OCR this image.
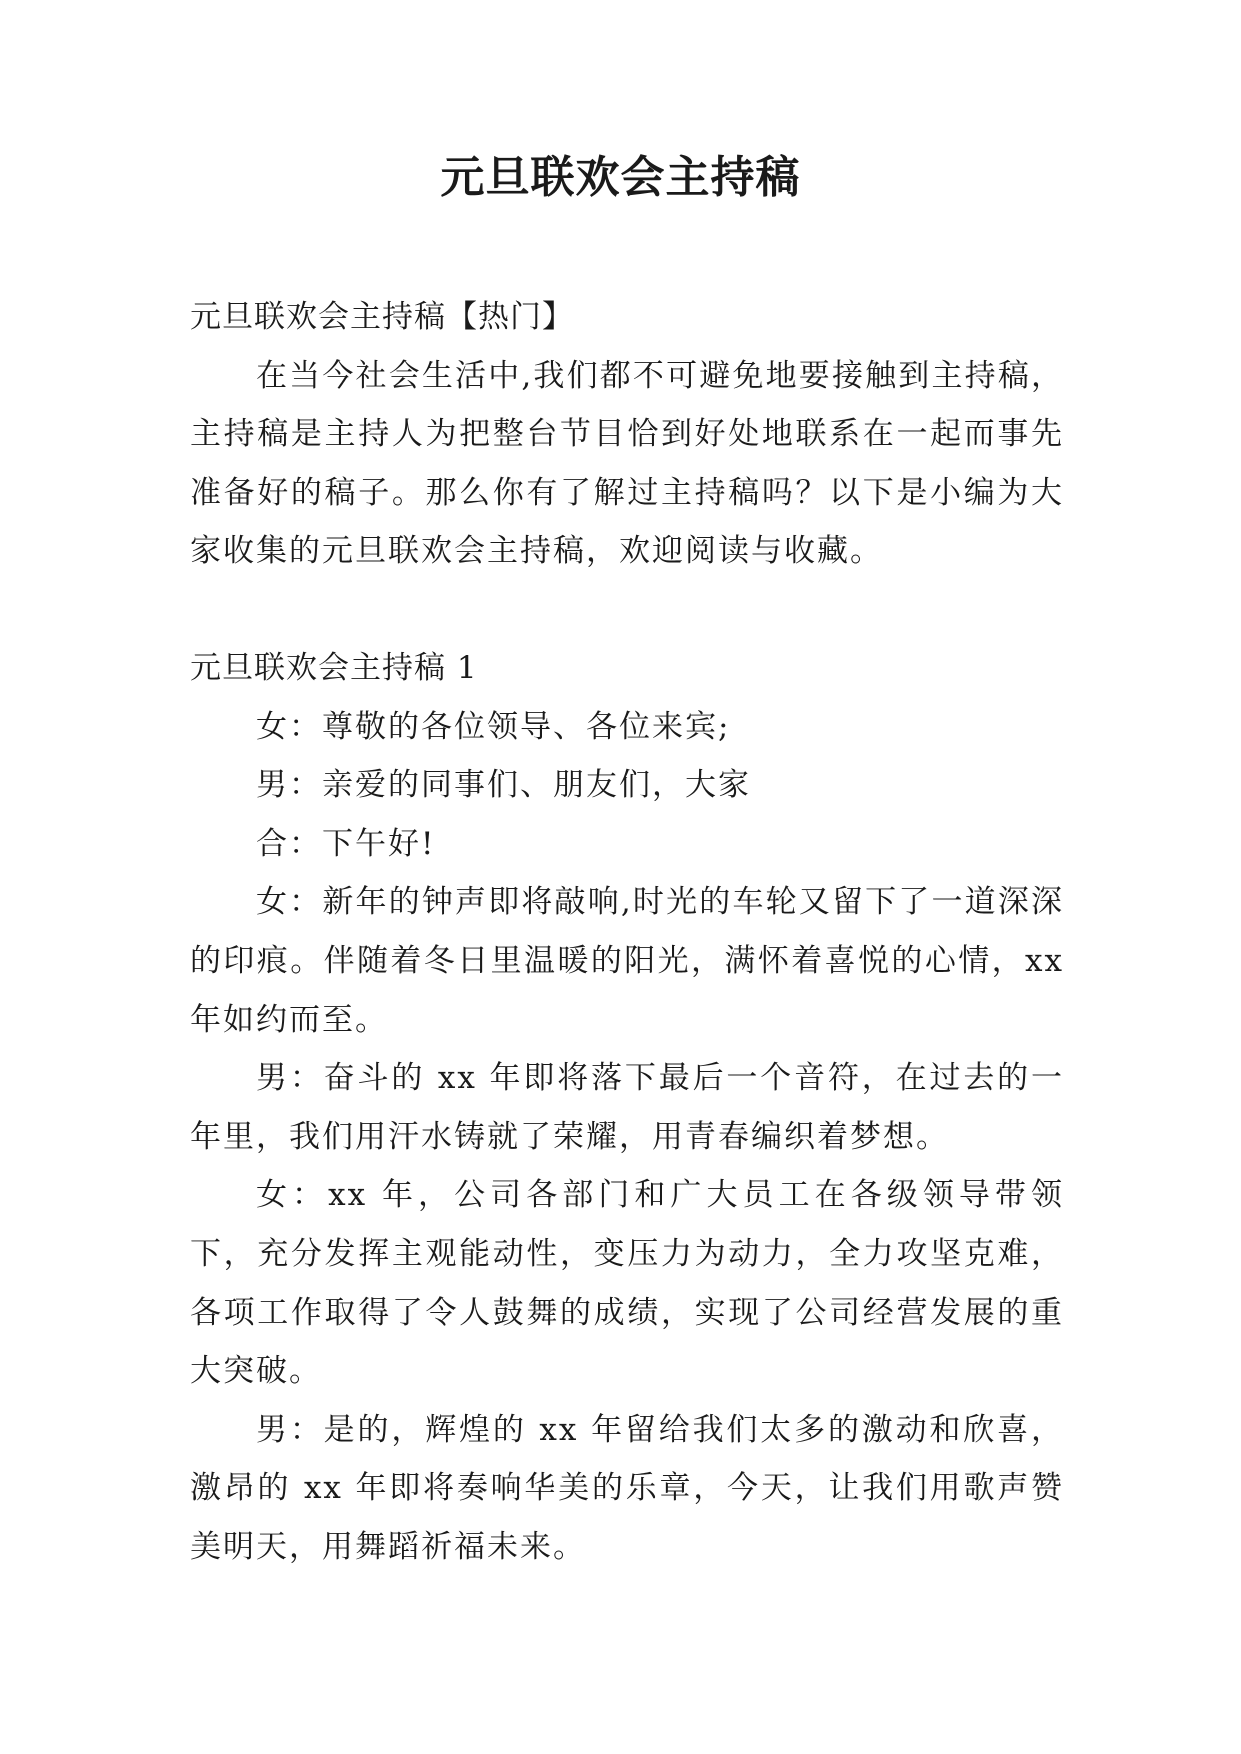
元旦联欢会主持稿

元旦联欢会主持稿【热门】

在当今社会生活中,我们都不可避免地要接触到主持稿，主持稿是主持人为把整台节目恰到好处地联系在一起而事先准备好的稿子。那么你有了解过主持稿吗？以下是小编为大家收集的元旦联欢会主持稿，欢迎阅读与收藏。

元旦联欢会主持稿 1

女：尊敬的各位领导、各位来宾;

男：亲爱的同事们、朋友们，大家

合：下午好!

女：新年的钟声即将敲响,时光的车轮又留下了一道深深的印痕。伴随着冬日里温暖的阳光，满怀着喜悦的心情，xx 年如约而至。

男：奋斗的 xx 年即将落下最后一个音符，在过去的一年里，我们用汗水铸就了荣耀，用青春编织着梦想。

女：xx 年，公司各部门和广大员工在各级领导带领下，充分发挥主观能动性，变压力为动力，全力攻坚克难，各项工作取得了令人鼓舞的成绩，实现了公司经营发展的重大突破。

男：是的，辉煌的 xx 年留给我们太多的激动和欣喜，激昂的 xx 年即将奏响华美的乐章，今天，让我们用歌声赞美明天，用舞蹈祈福未来。
